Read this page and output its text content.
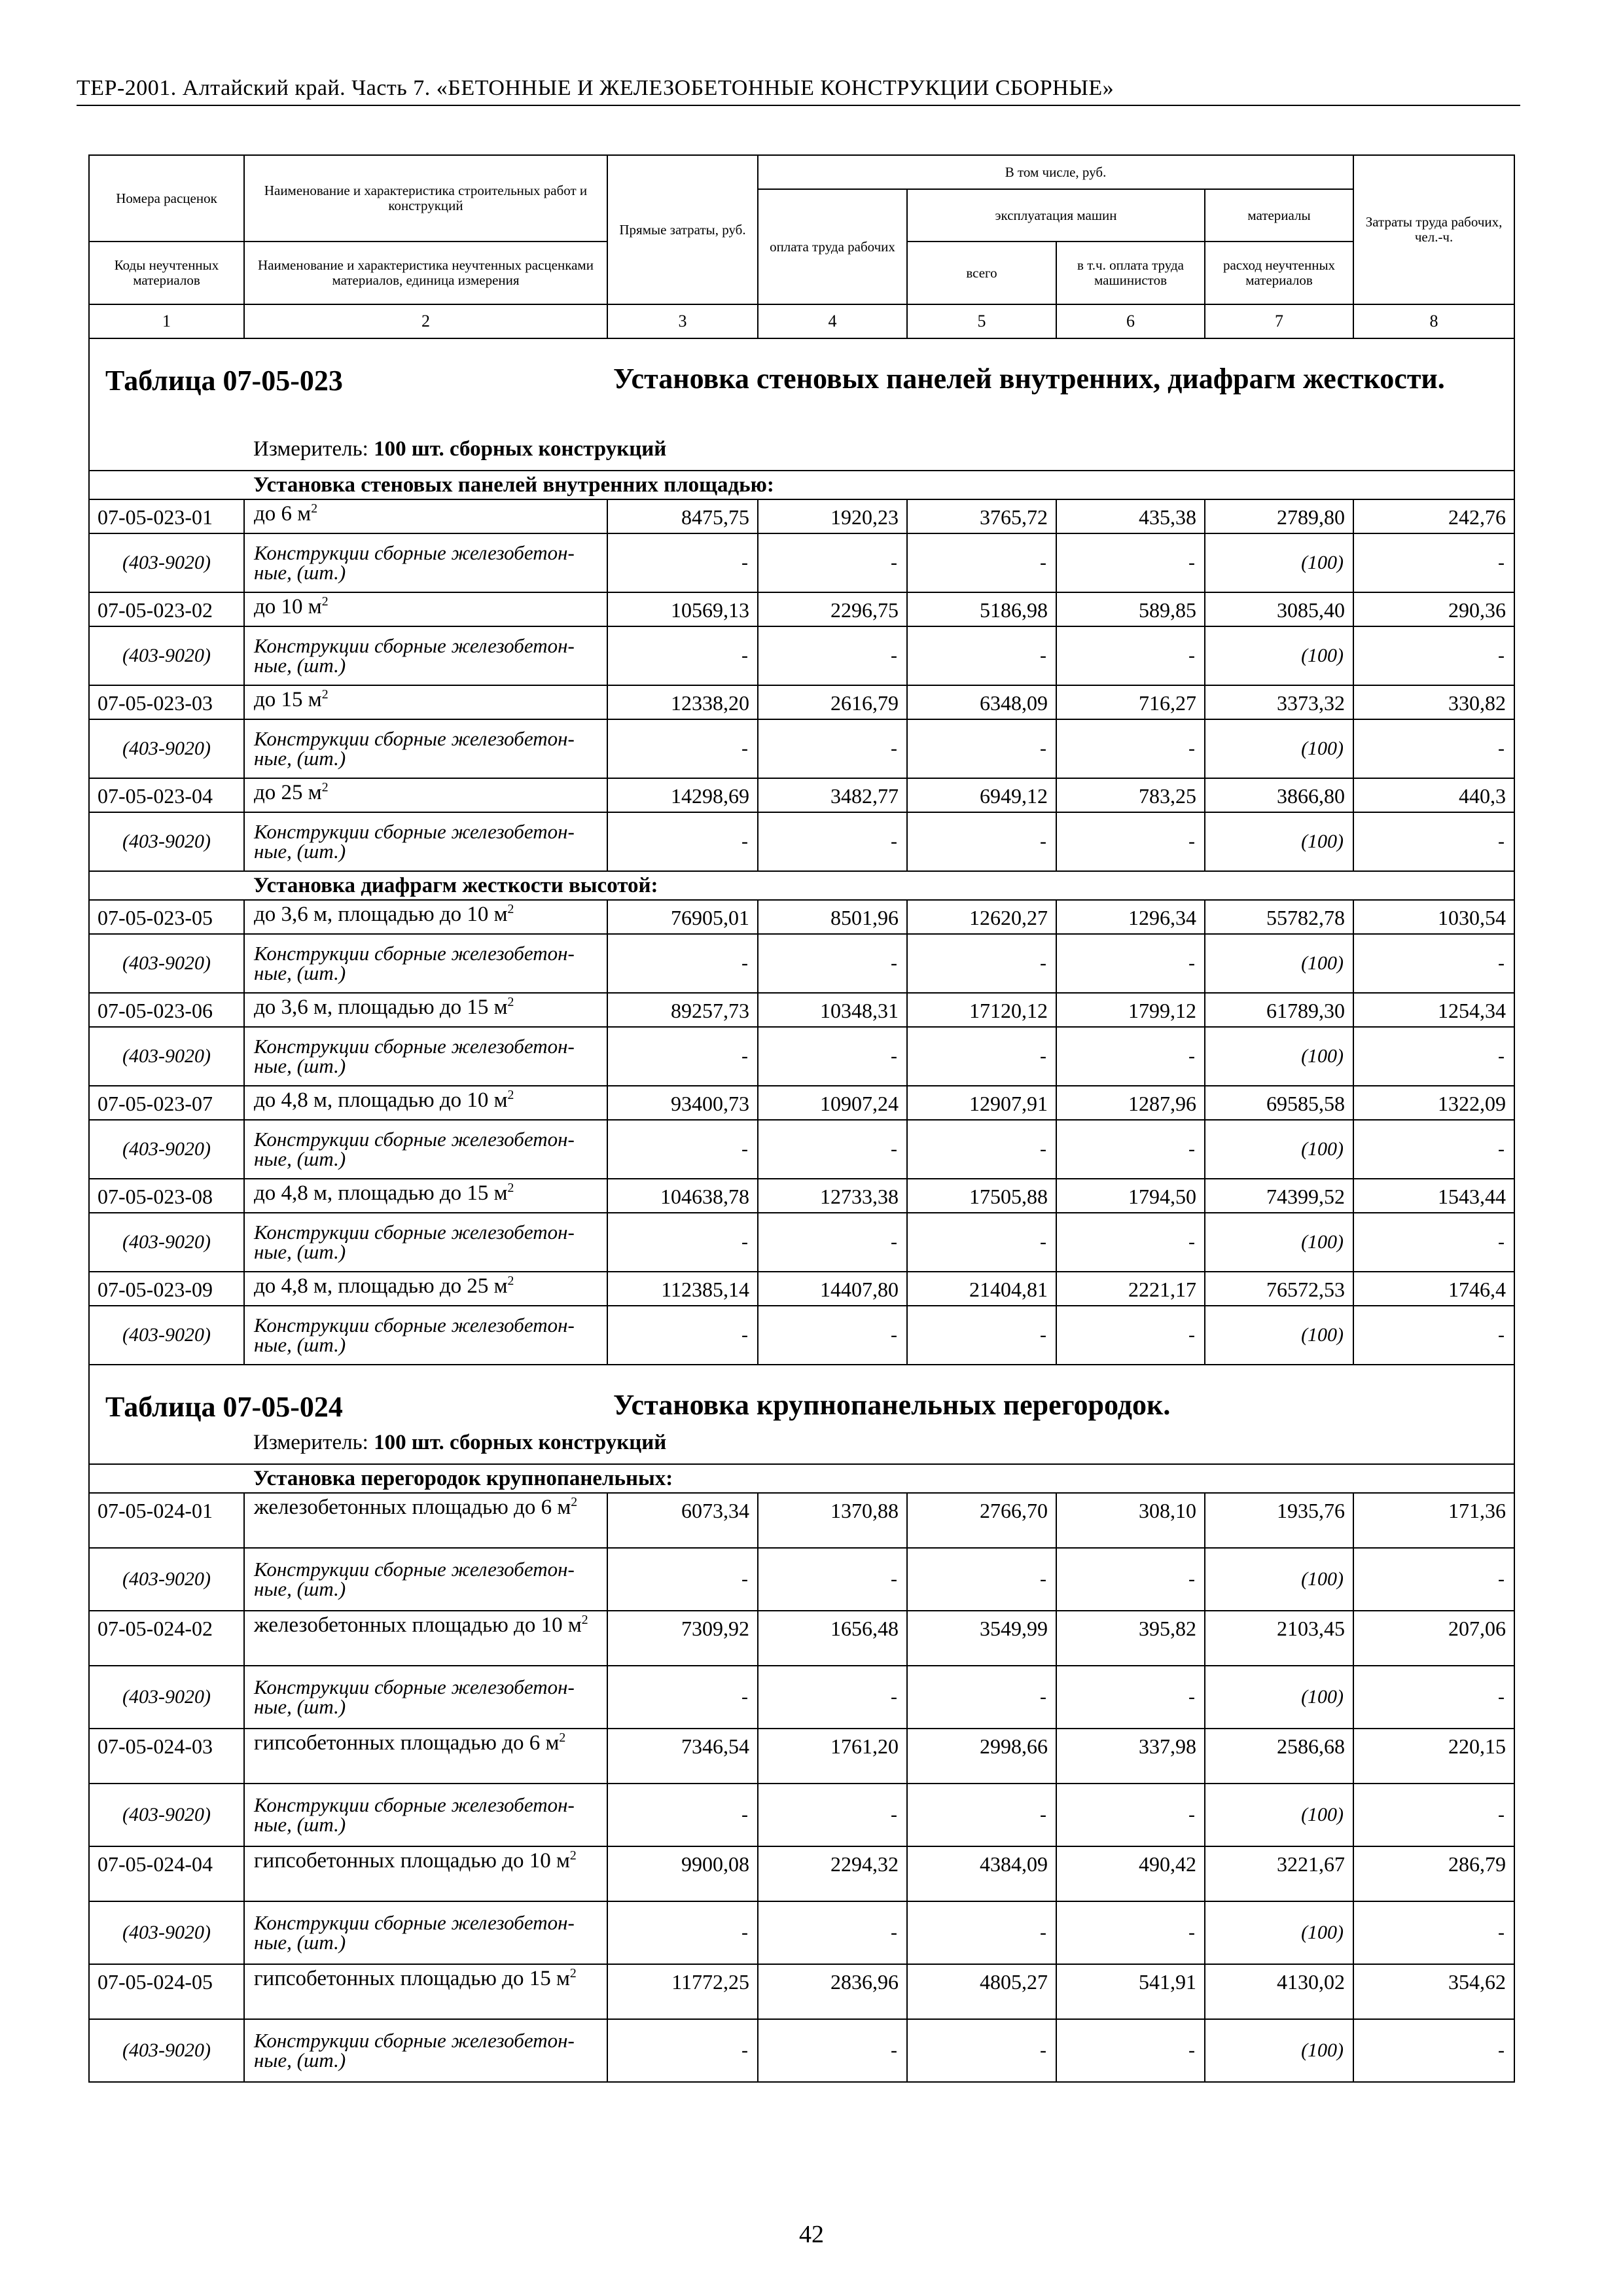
ТЕР-2001. Алтайский край. Часть 7. «БЕТОННЫЕ И ЖЕЛЕЗОБЕТОННЫЕ КОНСТРУКЦИИ СБОРНЫЕ»
Номера расценок	Наименование и характеристика строительных работ и конструкций	Прямые затраты, руб.	В том числе, руб.				Затраты труда рабочих, чел.-ч.
			оплата труда рабочих	эксплуатация машин		материалы	
Коды неучтенных материалов	Наименование и характеристика неучтенных расценками материалов, единица измерения			всего	в т.ч. оплата труда машинистов	расход неучтенных материалов	
1	2	3	4	5	6	7	8

Таблица 07-05-023 Установка стеновых панелей внутренних, диафрагм жесткости.
Измеритель: 100 шт. сборных конструкций							

Установка стеновых панелей внутренних площадью:							
07-05-023-01	до 6 $м^2$	8475,75	1920,23	3765,72	435,38	2789,80	242,76
(403-9020)	Конструкции сборные железобетон-ные, (шт.)	-	-	-	-	(100)	-
07-05-023-02	до 10 $м^2$	10569,13	2296,75	5186,98	589,85	3085,40	290,36
(403-9020)	Конструкции сборные железобетон-ные, (шт.)	-	-	-	-	(100)	-
07-05-023-03	до 15 $м^2$	12338,20	2616,79	6348,09	716,27	3373,32	330,82
(403-9020)	Конструкции сборные железобетон-ные, (шт.)	-	-	-	-	(100)	-
07-05-023-04	до 25 $м^2$	14298,69	3482,77	6949,12	783,25	3866,80	440,3
(403-9020)	Конструкции сборные железобетон-ные, (шт.)	-	-	-	-	(100)	-
Установка диафрагм жесткости высотой:							
07-05-023-05	до 3,6 м, площадью до 10 $м^2$	76905,01	8501,96	12620,27	1296,34	55782,78	1030,54
(403-9020)	Конструкции сборные железобетон-ные, (шт.)	-	-	-	-	(100)	-
07-05-023-06	до 3,6 м, площадью до 15 $м^2$	89257,73	10348,31	17120,12	1799,12	61789,30	1254,34
(403-9020)	Конструкции сборные железобетон-ные, (шт.)	-	-	-	-	(100)	-
07-05-023-07	до 4,8 м, площадью до 10 $м^2$	93400,73	10907,24	12907,91	1287,96	69585,58	1322,09
(403-9020)	Конструкции сборные железобетон-ные, (шт.)	-	-	-	-	(100)	-
07-05-023-08	до 4,8 м, площадью до 15 $м^2$	104638,78	12733,38	17505,88	1794,50	74399,52	1543,44
(403-9020)	Конструкции сборные железобетон-ные, (шт.)	-	-	-	-	(100)	-
07-05-023-09	до 4,8 м, площадью до 25 $м^2$	112385,14	14407,80	21404,81	2221,17	76572,53	1746,4
(403-9020)	Конструкции сборные железобетон-ные, (шт.)	-	-	-	-	(100)	-

Таблица 07-05-024 Установка крупнопанельных перегородок.
Измеритель: 100 шт. сборных конструкций							

Установка перегородок крупнопанельных:							
07-05-024-01	железобетонных площадью до 6 $м^2$	6073,34	1370,88	2766,70	308,10	1935,76	171,36
(403-9020)	Конструкции сборные железобетон-ные, (шт.)	-	-	-	-	(100)	-
07-05-024-02	железобетонных площадью до 10 $м^2$	7309,92	1656,48	3549,99	395,82	2103,45	207,06
(403-9020)	Конструкции сборные железобетон-ные, (шт.)	-	-	-	-	(100)	-
07-05-024-03	гипсобетонных площадью до 6 $м^2$	7346,54	1761,20	2998,66	337,98	2586,68	220,15
(403-9020)	Конструкции сборные железобетон-ные, (шт.)	-	-	-	-	(100)	-
07-05-024-04	гипсобетонных площадью до 10 $м^2$	9900,08	2294,32	4384,09	490,42	3221,67	286,79
(403-9020)	Конструкции сборные железобетон-ные, (шт.)	-	-	-	-	(100)	-
07-05-024-05	гипсобетонных площадью до 15 $м^2$	11772,25	2836,96	4805,27	541,91	4130,02	354,62
(403-9020)	Конструкции сборные железобетон-ные, (шт.)	-	-	-	-	(100)	-
42
